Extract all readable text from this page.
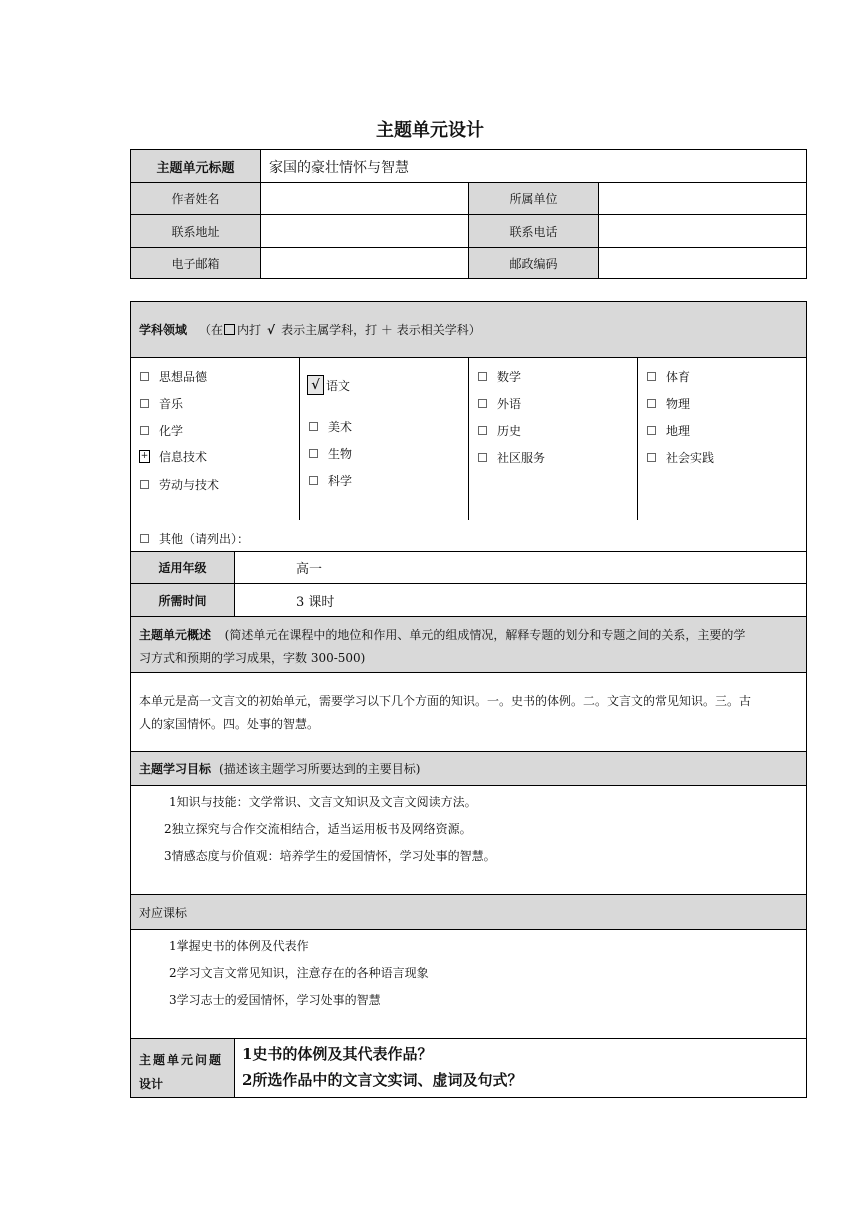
主题单元设计
主题单元标题 家国的豪壮情怀与智慧
作者姓名	所属单位
联系地址	联系电话
电子邮箱	邮政编码
学科领域 （在 内打 √ 表示主属学科，打 ＋ 表示相关学科）
思想品德
音乐
化学
+ 信息技术
劳动与技术
√ 语文
美术
生物
科学
数学
外语
历史
社区服务
体育
物理
地理
社会实践
其他（请列出）：
适用年级	高一
所需时间	3 课时
主题单元概述 (简述单元在课程中的地位和作用、单元的组成情况，解释专题的划分和专题之间的关系，主要的学
习方式和预期的学习成果，字数 300-500)
本单元是高一文言文的初始单元，需要学习以下几个方面的知识。一。史书的体例。二。文言文的常见知识。三。古
人的家国情怀。四。处事的智慧。
主题学习目标 (描述该主题学习所要达到的主要目标)
1知识与技能：文学常识、文言文知识及文言文阅读方法。
2独立探究与合作交流相结合，适当运用板书及网络资源。
3情感态度与价值观：培养学生的爱国情怀，学习处事的智慧。
对应课标
1掌握史书的体例及代表作
2学习文言文常见知识，注意存在的各种语言现象
3学习志士的爱国情怀，学习处事的智慧
主题单元问题
设计
1史书的体例及其代表作品？
2所选作品中的文言文实词、虚词及句式？
